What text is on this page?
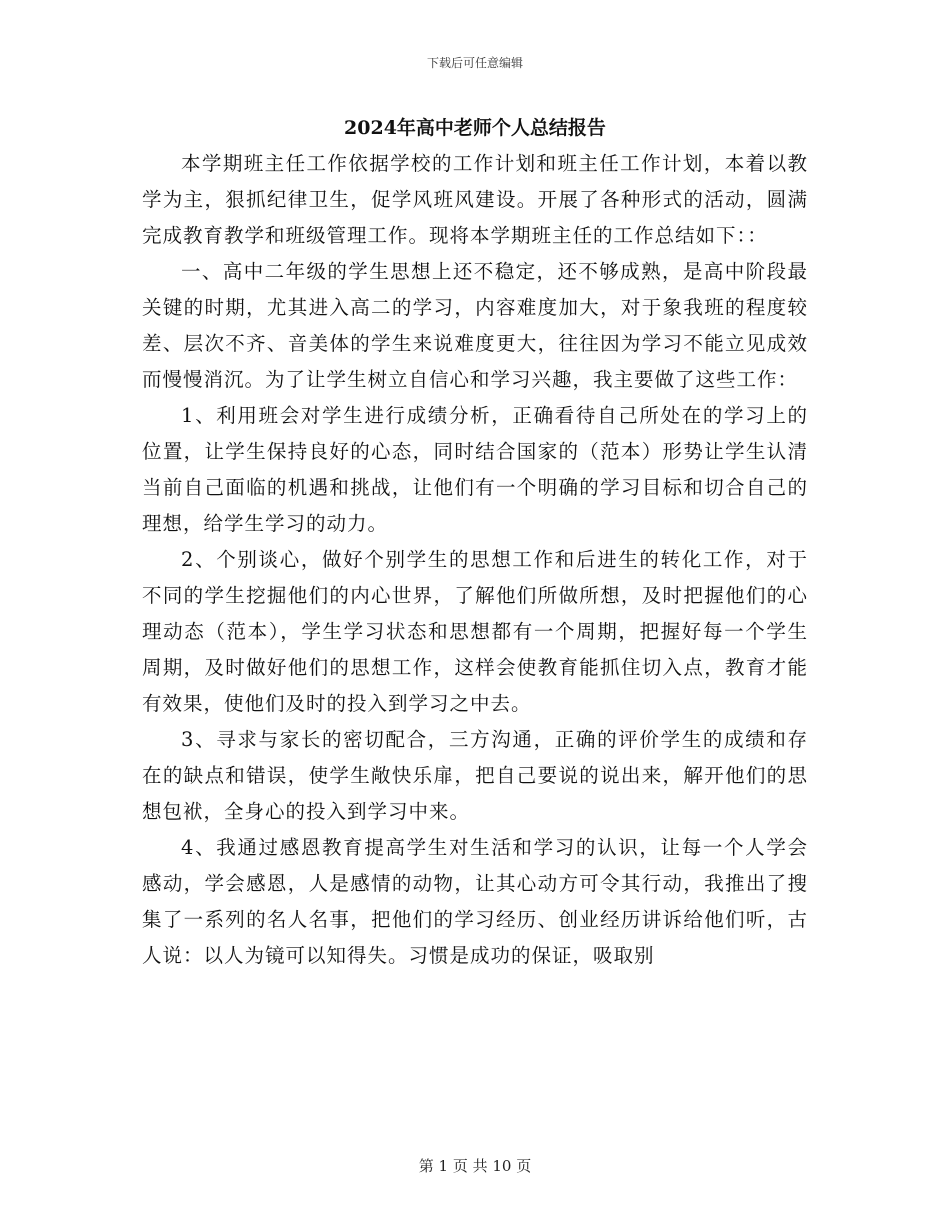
下载后可任意编辑
2024年高中老师个人总结报告

本学期班主任工作依据学校的工作计划和班主任工作计划，本着以教学为主，狠抓纪律卫生，促学风班风建设。开展了各种形式的活动，圆满完成教育教学和班级管理工作。现将本学期班主任的工作总结如下：：

一、高中二年级的学生思想上还不稳定，还不够成熟，是高中阶段最关键的时期，尤其进入高二的学习，内容难度加大，对于象我班的程度较差、层次不齐、音美体的学生来说难度更大，往往因为学习不能立见成效而慢慢消沉。为了让学生树立自信心和学习兴趣，我主要做了这些工作：

1、利用班会对学生进行成绩分析，正确看待自己所处在的学习上的位置，让学生保持良好的心态，同时结合国家的（范本）形势让学生认清当前自己面临的机遇和挑战，让他们有一个明确的学习目标和切合自己的理想，给学生学习的动力。

2、个别谈心，做好个别学生的思想工作和后进生的转化工作，对于不同的学生挖掘他们的内心世界，了解他们所做所想，及时把握他们的心理动态（范本），学生学习状态和思想都有一个周期，把握好每一个学生周期，及时做好他们的思想工作，这样会使教育能抓住切入点，教育才能有效果，使他们及时的投入到学习之中去。

3、寻求与家长的密切配合，三方沟通，正确的评价学生的成绩和存在的缺点和错误，使学生敞快乐扉，把自己要说的说出来，解开他们的思想包袱，全身心的投入到学习中来。

4、我通过感恩教育提高学生对生活和学习的认识，让每一个人学会感动，学会感恩，人是感情的动物，让其心动方可令其行动，我推出了搜集了一系列的名人名事，把他们的学习经历、创业经历讲诉给他们听，古人说：以人为镜可以知得失。习惯是成功的保证，吸取别

第 1 页 共 10 页
